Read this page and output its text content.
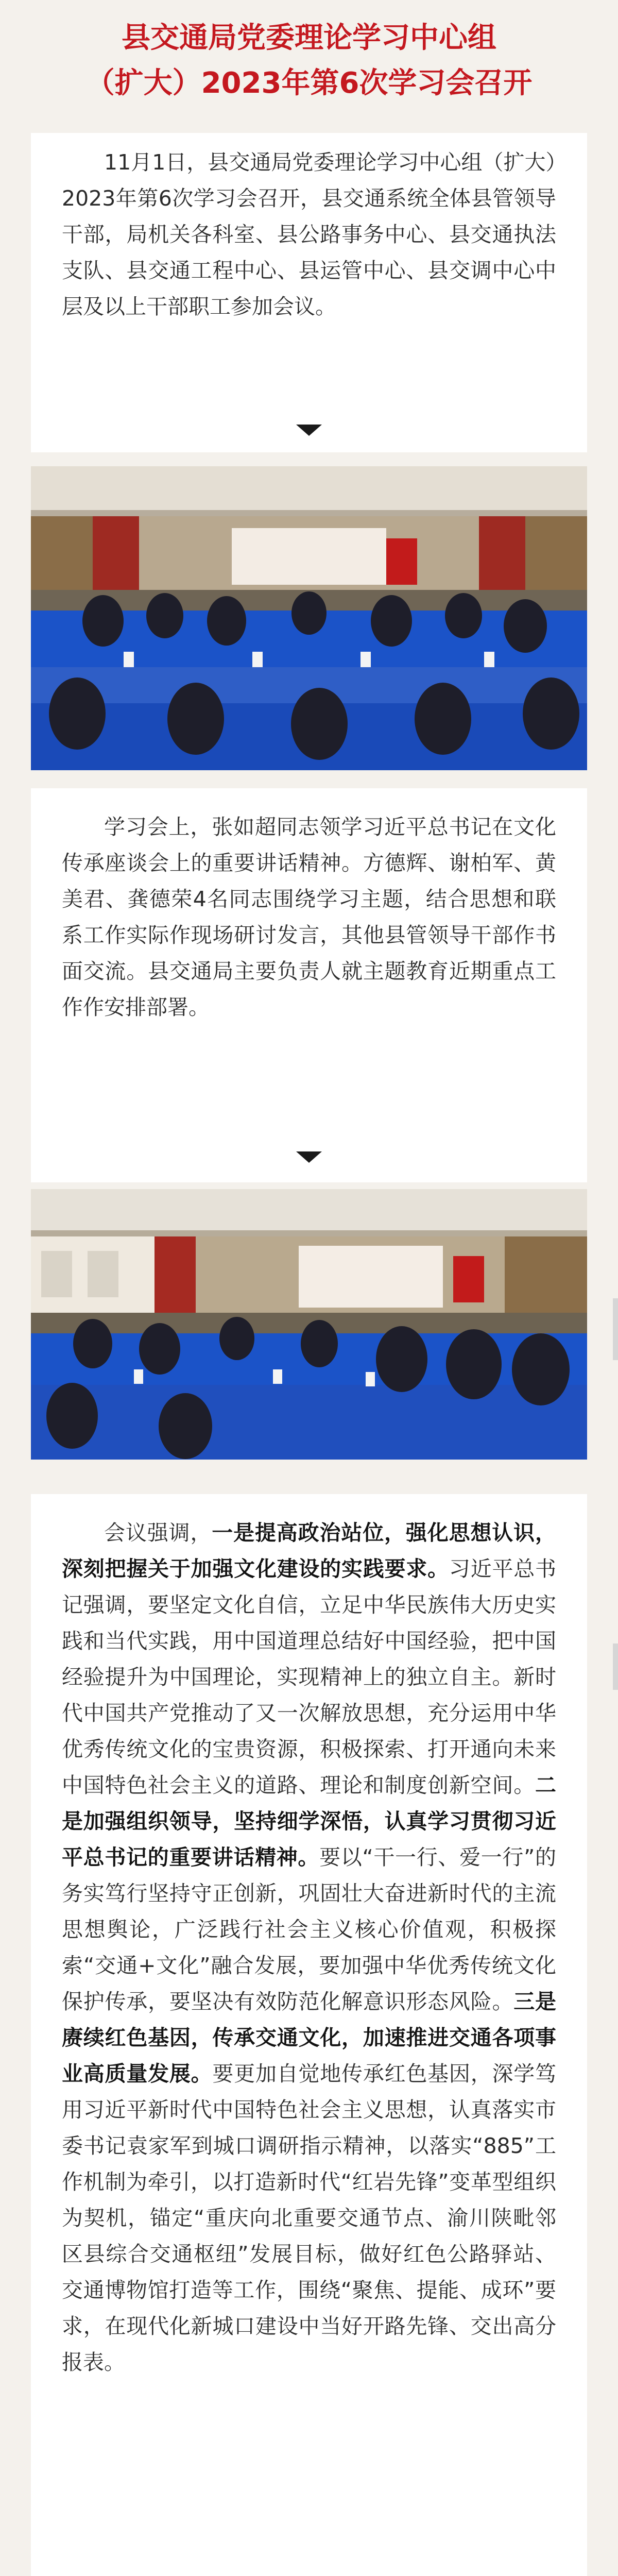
县交通局党委理论学习中心组
（扩大）2023年第6次学习会召开

11月1日，县交通局党委理论学习中心组（扩大）2023年第6次学习会召开，县交通系统全体县管领导干部，局机关各科室、县公路事务中心、县交通执法支队、县交通工程中心、县运管中心、县交调中心中层及以上干部职工参加会议。

学习会上，张如超同志领学习近平总书记在文化传承座谈会上的重要讲话精神。方德辉、谢柏军、黄美君、龚德荣4名同志围绕学习主题，结合思想和联系工作实际作现场研讨发言，其他县管领导干部作书面交流。县交通局主要负责人就主题教育近期重点工作作安排部署。

会议强调，一是提高政治站位，强化思想认识，深刻把握关于加强文化建设的实践要求。习近平总书记强调，要坚定文化自信，立足中华民族伟大历史实践和当代实践，用中国道理总结好中国经验，把中国经验提升为中国理论，实现精神上的独立自主。新时代中国共产党推动了又一次解放思想，充分运用中华优秀传统文化的宝贵资源，积极探索、打开通向未来中国特色社会主义的道路、理论和制度创新空间。二是加强组织领导，坚持细学深悟，认真学习贯彻习近平总书记的重要讲话精神。要以“干一行、爱一行”的务实笃行坚持守正创新，巩固壮大奋进新时代的主流思想舆论，广泛践行社会主义核心价值观，积极探索“交通+文化”融合发展，要加强中华优秀传统文化保护传承，要坚决有效防范化解意识形态风险。三是赓续红色基因，传承交通文化，加速推进交通各项事业高质量发展。要更加自觉地传承红色基因，深学笃用习近平新时代中国特色社会主义思想，认真落实市委书记袁家军到城口调研指示精神，以落实“885”工作机制为牵引，以打造新时代“红岩先锋”变革型组织为契机，锚定“重庆向北重要交通节点、渝川陕毗邻区县综合交通枢纽”发展目标，做好红色公路驿站、交通博物馆打造等工作，围绕“聚焦、提能、成环”要求，在现代化新城口建设中当好开路先锋、交出高分报表。
